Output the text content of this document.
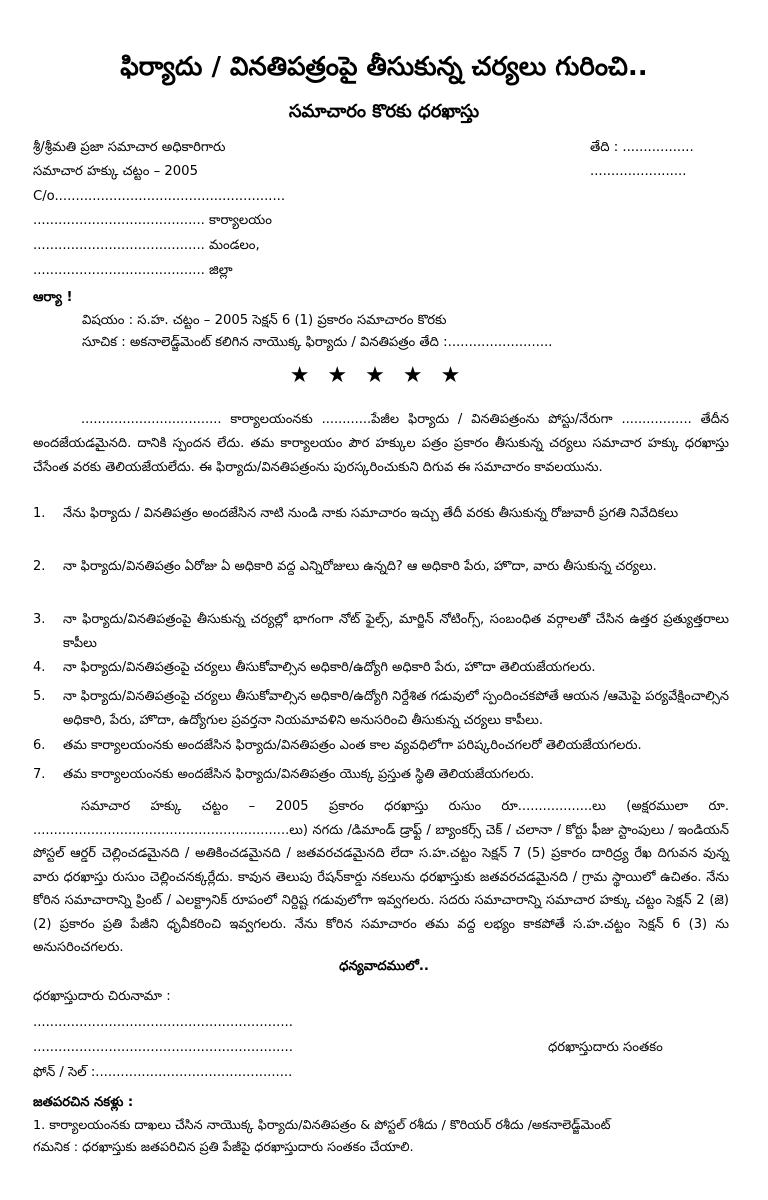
ఫిర్యాదు / వినతిపత్రంపై తీసుకున్న చర్యలు గురించి..
సమాచారం కొరకు ధరఖాస్తు
శ్రీ/శ్రీమతి ప్రజా సమాచార అధికారిగారు
సమాచార హక్కు చట్టం – 2005
C/o.......................................................
......................................... కార్యాలయం
......................................... మండలం,
......................................... జిల్లా
తేది : .................
.......................
ఆర్యా !
విషయం : స.హ. చట్టం – 2005 సెక్షన్ 6 (1) ప్రకారం సమాచారం కొరకు
సూచిక : అకనాలెడ్జ్‌మెంట్ కలిగిన నాయొక్క ఫిర్యాదు / వినతిపత్రం తేది :.........................
★★★★★
.................................. కార్యాలయంనకు ............పేజీల ఫిర్యాదు / వినతిపత్రంను పోస్టు/నేరుగా ................. తేదీన అందజేయడమైనది. దానికి స్పందన లేదు. తమ కార్యాలయం పౌర హక్కుల పత్రం ప్రకారం తీసుకున్న చర్యలు సమాచార హక్కు ధరఖాస్తు చేసేంత వరకు తెలియజేయలేదు. ఈ ఫిర్యాదు/వినతిపత్రంను పురస్కరించుకుని దిగువ ఈ సమాచారం కావలయును.
1.	నేను ఫిర్యాదు / వినతిపత్రం అందజేసిన నాటి నుండి నాకు సమాచారం ఇచ్చు తేదీ వరకు తీసుకున్న రోజువారీ ప్రగతి నివేదికలు
2.	నా ఫిర్యాదు/వినతిపత్రం ఏరోజు ఏ అధికారి వద్ద ఎన్నిరోజులు ఉన్నది? ఆ అధికారి పేరు, హొదా, వారు తీసుకున్న చర్యలు.
3.	నా ఫిర్యాదు/వినతిపత్రంపై తీసుకున్న చర్యల్లో భాగంగా నోట్ ఫైల్స్, మార్జిన్ నోటింగ్స్, సంబంధిత వర్గాలతో చేసిన ఉత్తర ప్రత్యుత్తరాలు కాపీలు
4.	నా ఫిర్యాదు/వినతిపత్రంపై చర్యలు తీసుకోవాల్సిన అధికారి/ఉద్యోగి అధికారి పేరు, హొదా తెలియజేయగలరు.
5.	నా ఫిర్యాదు/వినతిపత్రంపై చర్యలు తీసుకోవాల్సిన అధికారి/ఉద్యోగి నిర్దేశిత గడువులో స్పందించకపోతే ఆయన /ఆమెపై పర్యవేక్షించాల్సిన అధికారి, పేరు, హొదా, ఉద్యోగుల ప్రవర్తనా నియమావళిని అనుసరించి తీసుకున్న చర్యలు కాపీలు.
6.	తమ కార్యాలయంనకు అందజేసిన ఫిర్యాదు/వినతిపత్రం ఎంత కాల వ్యవధిలోగా పరిష్కరించగలరో తెలియజేయగలరు.
7.	తమ కార్యాలయంనకు అందజేసిన ఫిర్యాదు/వినతిపత్రం యొక్క ప్రస్తుత స్థితి తెలియజేయగలరు.
సమాచార హక్కు చట్టం – 2005 ప్రకారం ధరఖాస్తు రుసుం రూ..................లు (అక్షరములా రూ. ..............................................................లు) నగదు /డిమాండ్ డ్రాఫ్ట్ / బ్యాంకర్స్ చెక్ / చలానా / కోర్టు ఫీజు స్టాంపులు / ఇండియన్ పోస్టల్ ఆర్డర్ చెల్లించడమైనది / అతికించడమైనది / జతవరచడమైనది లేదా స.హ.చట్టం సెక్షన్ 7 (5) ప్రకారం దారిద్ర్య రేఖ దిగువన వున్న వారు ధరఖాస్తు రుసుం చెల్లించనక్కర్లేదు. కావున తెలుపు రేషన్‌కార్డు నకలును ధరఖాస్తుకు జతవరచడమైనది / గ్రామ స్థాయిలో ఉచితం. నేను కోరిన సమాచారాన్ని ప్రింట్ / ఎలక్ట్రానిక్ రూపంలో నిర్దిష్ట గడువులోగా ఇవ్వగలరు. సదరు సమాచారాన్ని సమాచార హక్కు చట్టం సెక్షన్ 2 (జె) (2) ప్రకారం ప్రతి పేజీని ధృవీకరించి ఇవ్వగలరు. నేను కోరిన సమాచారం తమ వద్ద లభ్యం కాకపోతే స.హ.చట్టం సెక్షన్ 6 (3) ను అనుసరించగలరు.
ధన్యవాదములో..
ధరఖాస్తుదారు చిరునామా :
..............................................................
..............................................................	ధరఖాస్తుదారు సంతకం
ఫోన్ / సెల్ :...............................................
జతపరచిన నకళ్లు :
1. కార్యాలయంనకు దాఖలు చేసిన నాయొక్క ఫిర్యాదు/వినతిపత్రం & పోస్టల్ రశీదు / కొరియర్ రశీదు /అకనాలెడ్జ్‌మెంట్
గమనిక : ధరఖాస్తుకు జతపరిచిన ప్రతి పేజీపై ధరఖాస్తుదారు సంతకం చేయాలి.
